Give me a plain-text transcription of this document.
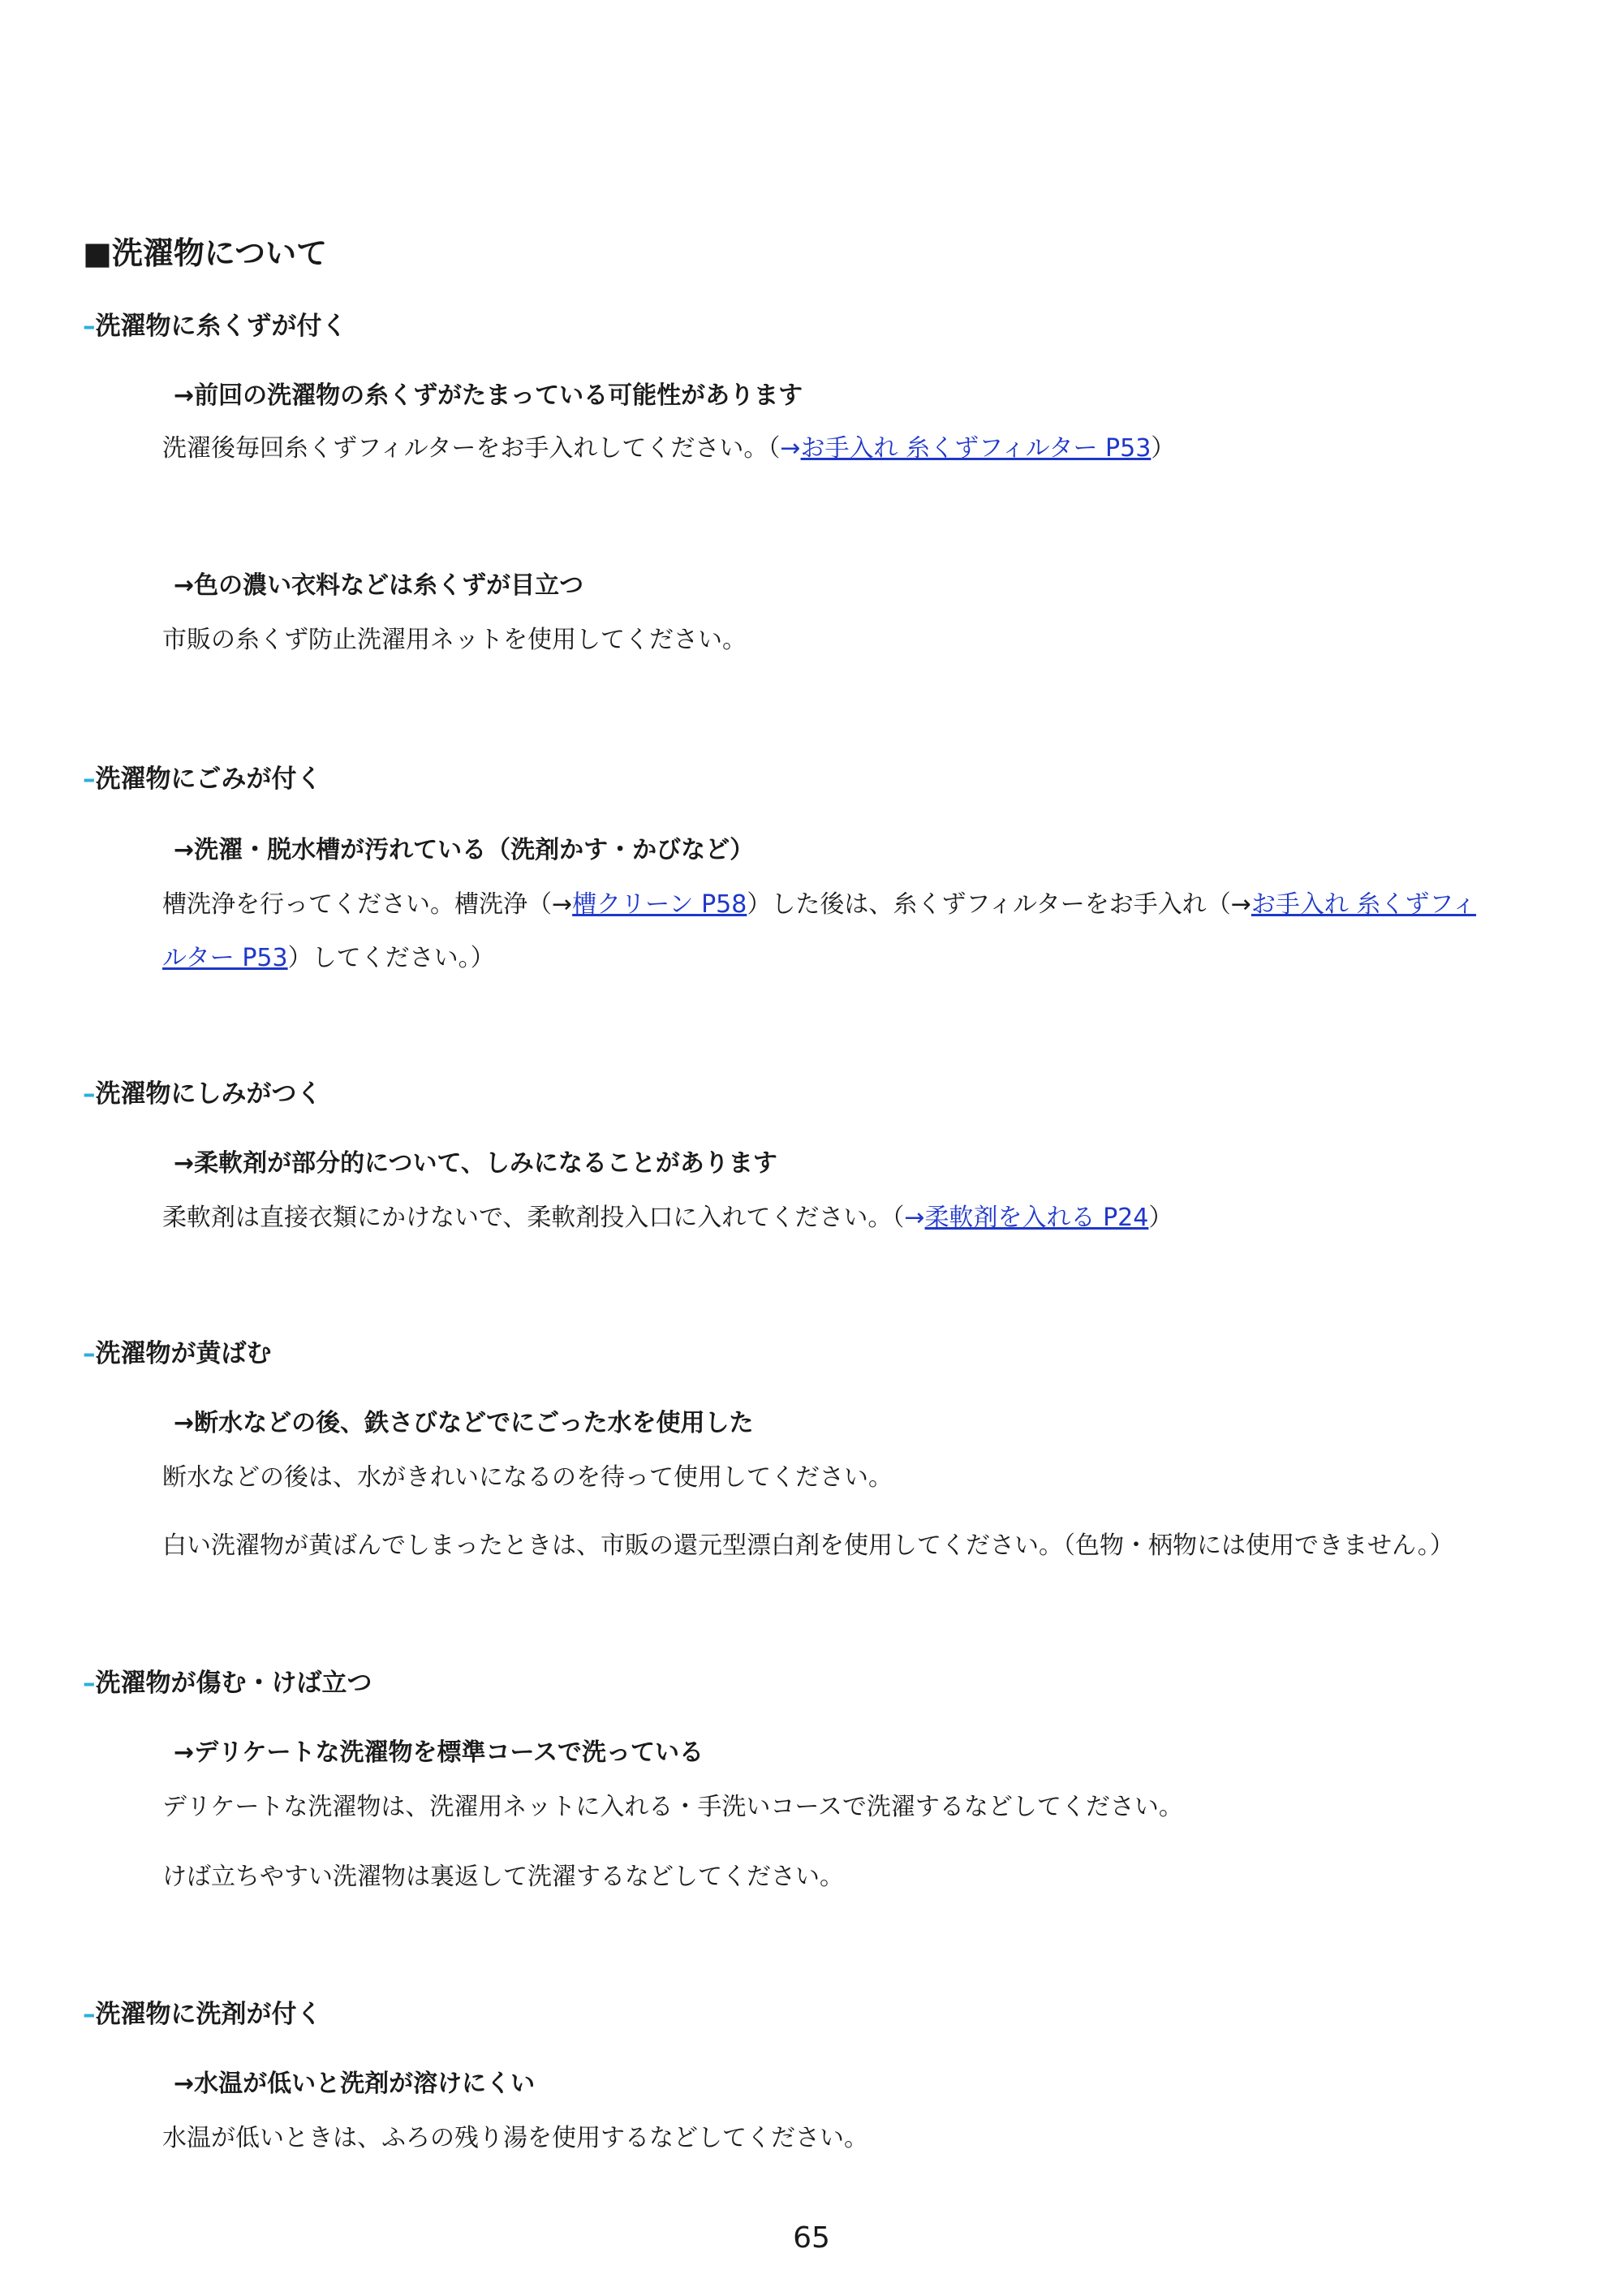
■洗濯物について
–洗濯物に糸くずが付く
→前回の洗濯物の糸くずがたまっている可能性があります
洗濯後毎回糸くずフィルターをお手入れしてください。（→お手入れ 糸くずフィルター P53）
→色の濃い衣料などは糸くずが目立つ
市販の糸くず防止洗濯用ネットを使用してください。
–洗濯物にごみが付く
→洗濯・脱水槽が汚れている（洗剤かす・かびなど）
槽洗浄を行ってください。槽洗浄（→槽クリーン P58）した後は、糸くずフィルターをお手入れ（→お手入れ 糸くずフィ
ルター P53）してください。）
–洗濯物にしみがつく
→柔軟剤が部分的について、しみになることがあります
柔軟剤は直接衣類にかけないで、柔軟剤投入口に入れてください。（→柔軟剤を入れる P24）
–洗濯物が黄ばむ
→断水などの後、鉄さびなどでにごった水を使用した
断水などの後は、水がきれいになるのを待って使用してください。
白い洗濯物が黄ばんでしまったときは、市販の還元型漂白剤を使用してください。（色物・柄物には使用できません。）
–洗濯物が傷む・けば立つ
→デリケートな洗濯物を標準コースで洗っている
デリケートな洗濯物は、洗濯用ネットに入れる・手洗いコースで洗濯するなどしてください。
けば立ちやすい洗濯物は裏返して洗濯するなどしてください。
–洗濯物に洗剤が付く
→水温が低いと洗剤が溶けにくい
水温が低いときは、ふろの残り湯を使用するなどしてください。
65
